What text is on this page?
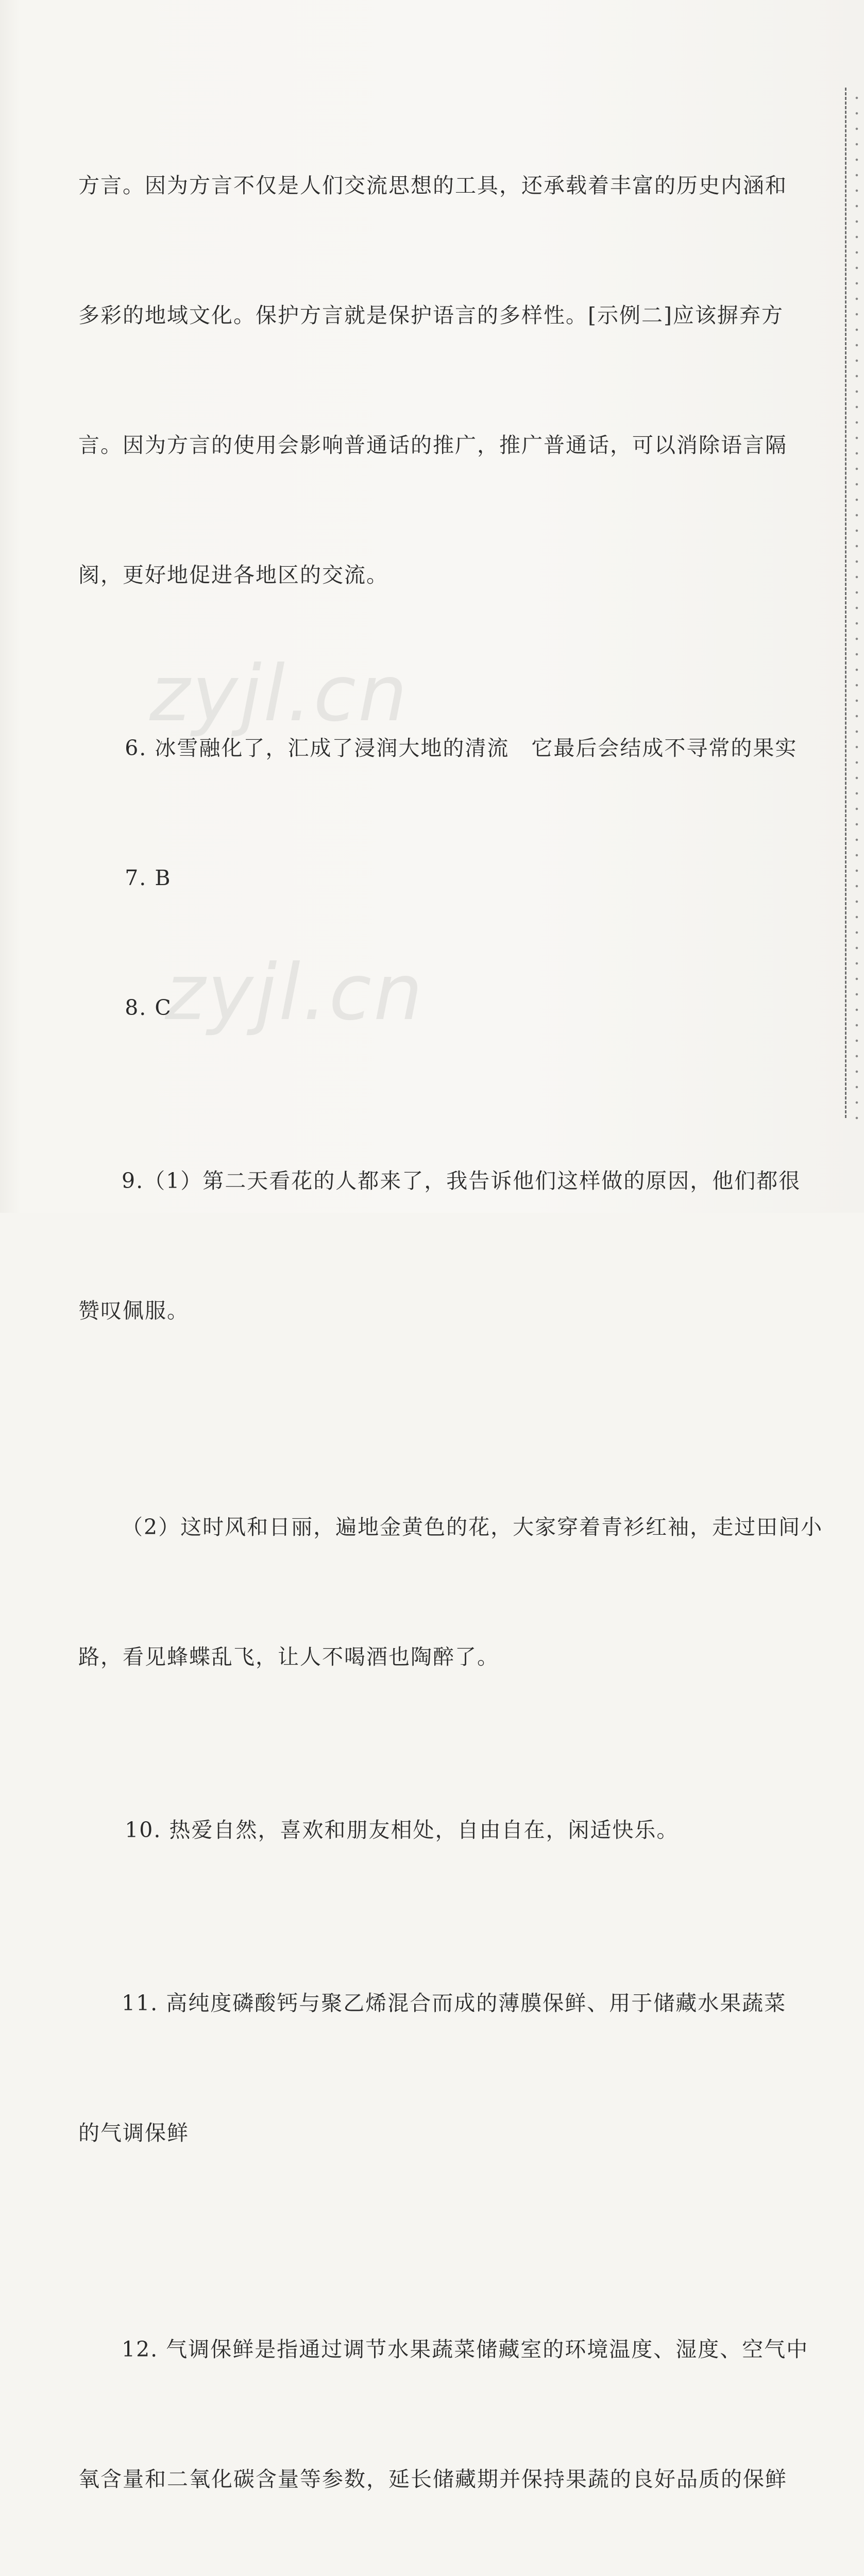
zyjl.cn
zyjl.cn

方言。因为方言不仅是人们交流思想的工具，还承载着丰富的历史内涵和

多彩的地域文化。保护方言就是保护语言的多样性。[示例二]应该摒弃方

言。因为方言的使用会影响普通话的推广，推广普通话，可以消除语言隔

阂，更好地促进各地区的交流。

6. 冰雪融化了，汇成了浸润大地的清流　它最后会结成不寻常的果实

7. B

8. C

9.（1）第二天看花的人都来了，我告诉他们这样做的原因，他们都很

赞叹佩服。

（2）这时风和日丽，遍地金黄色的花，大家穿着青衫红袖，走过田间小

路，看见蜂蝶乱飞，让人不喝酒也陶醉了。

10. 热爱自然，喜欢和朋友相处，自由自在，闲适快乐。

11. 高纯度磷酸钙与聚乙烯混合而成的薄膜保鲜、用于储藏水果蔬菜

的气调保鲜

12. 气调保鲜是指通过调节水果蔬菜储藏室的环境温度、湿度、空气中

氧含量和二氧化碳含量等参数，延长储藏期并保持果蔬的良好品质的保鲜
